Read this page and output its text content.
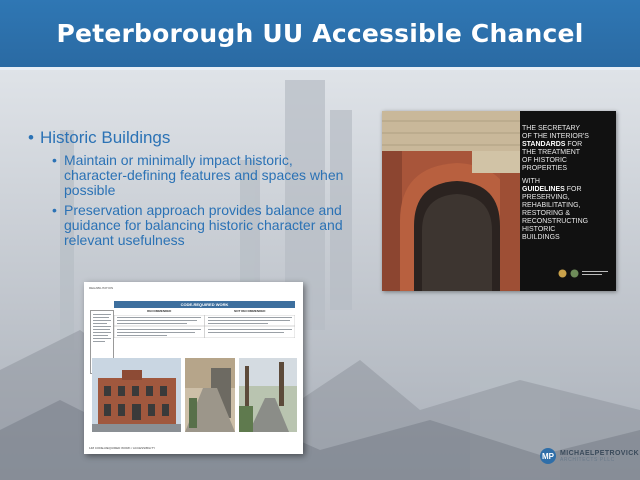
Peterborough UU Accessible Chancel
• Historic Buildings
• Maintain or minimally impact historic, character-defining features and spaces when possible
• Preservation approach provides balance and guidance for balancing historic character and relevant usefulness
THE SECRETARY
OF THE INTERIOR'S
STANDARDS FOR
THE TREATMENT
OF HISTORIC
PROPERTIES
WITH
GUIDELINES FOR
PRESERVING,
REHABILITATING,
RESTORING &
RECONSTRUCTING
HISTORIC
BUILDINGS
REHABILITATION
CODE-REQUIRED WORK
RECOMMENDED	NOT RECOMMENDED
148 CODE-REQUIRED WORK / ACCESSIBILITY
MP MICHAELPETROVICK
ARCHITECTS PLLC
